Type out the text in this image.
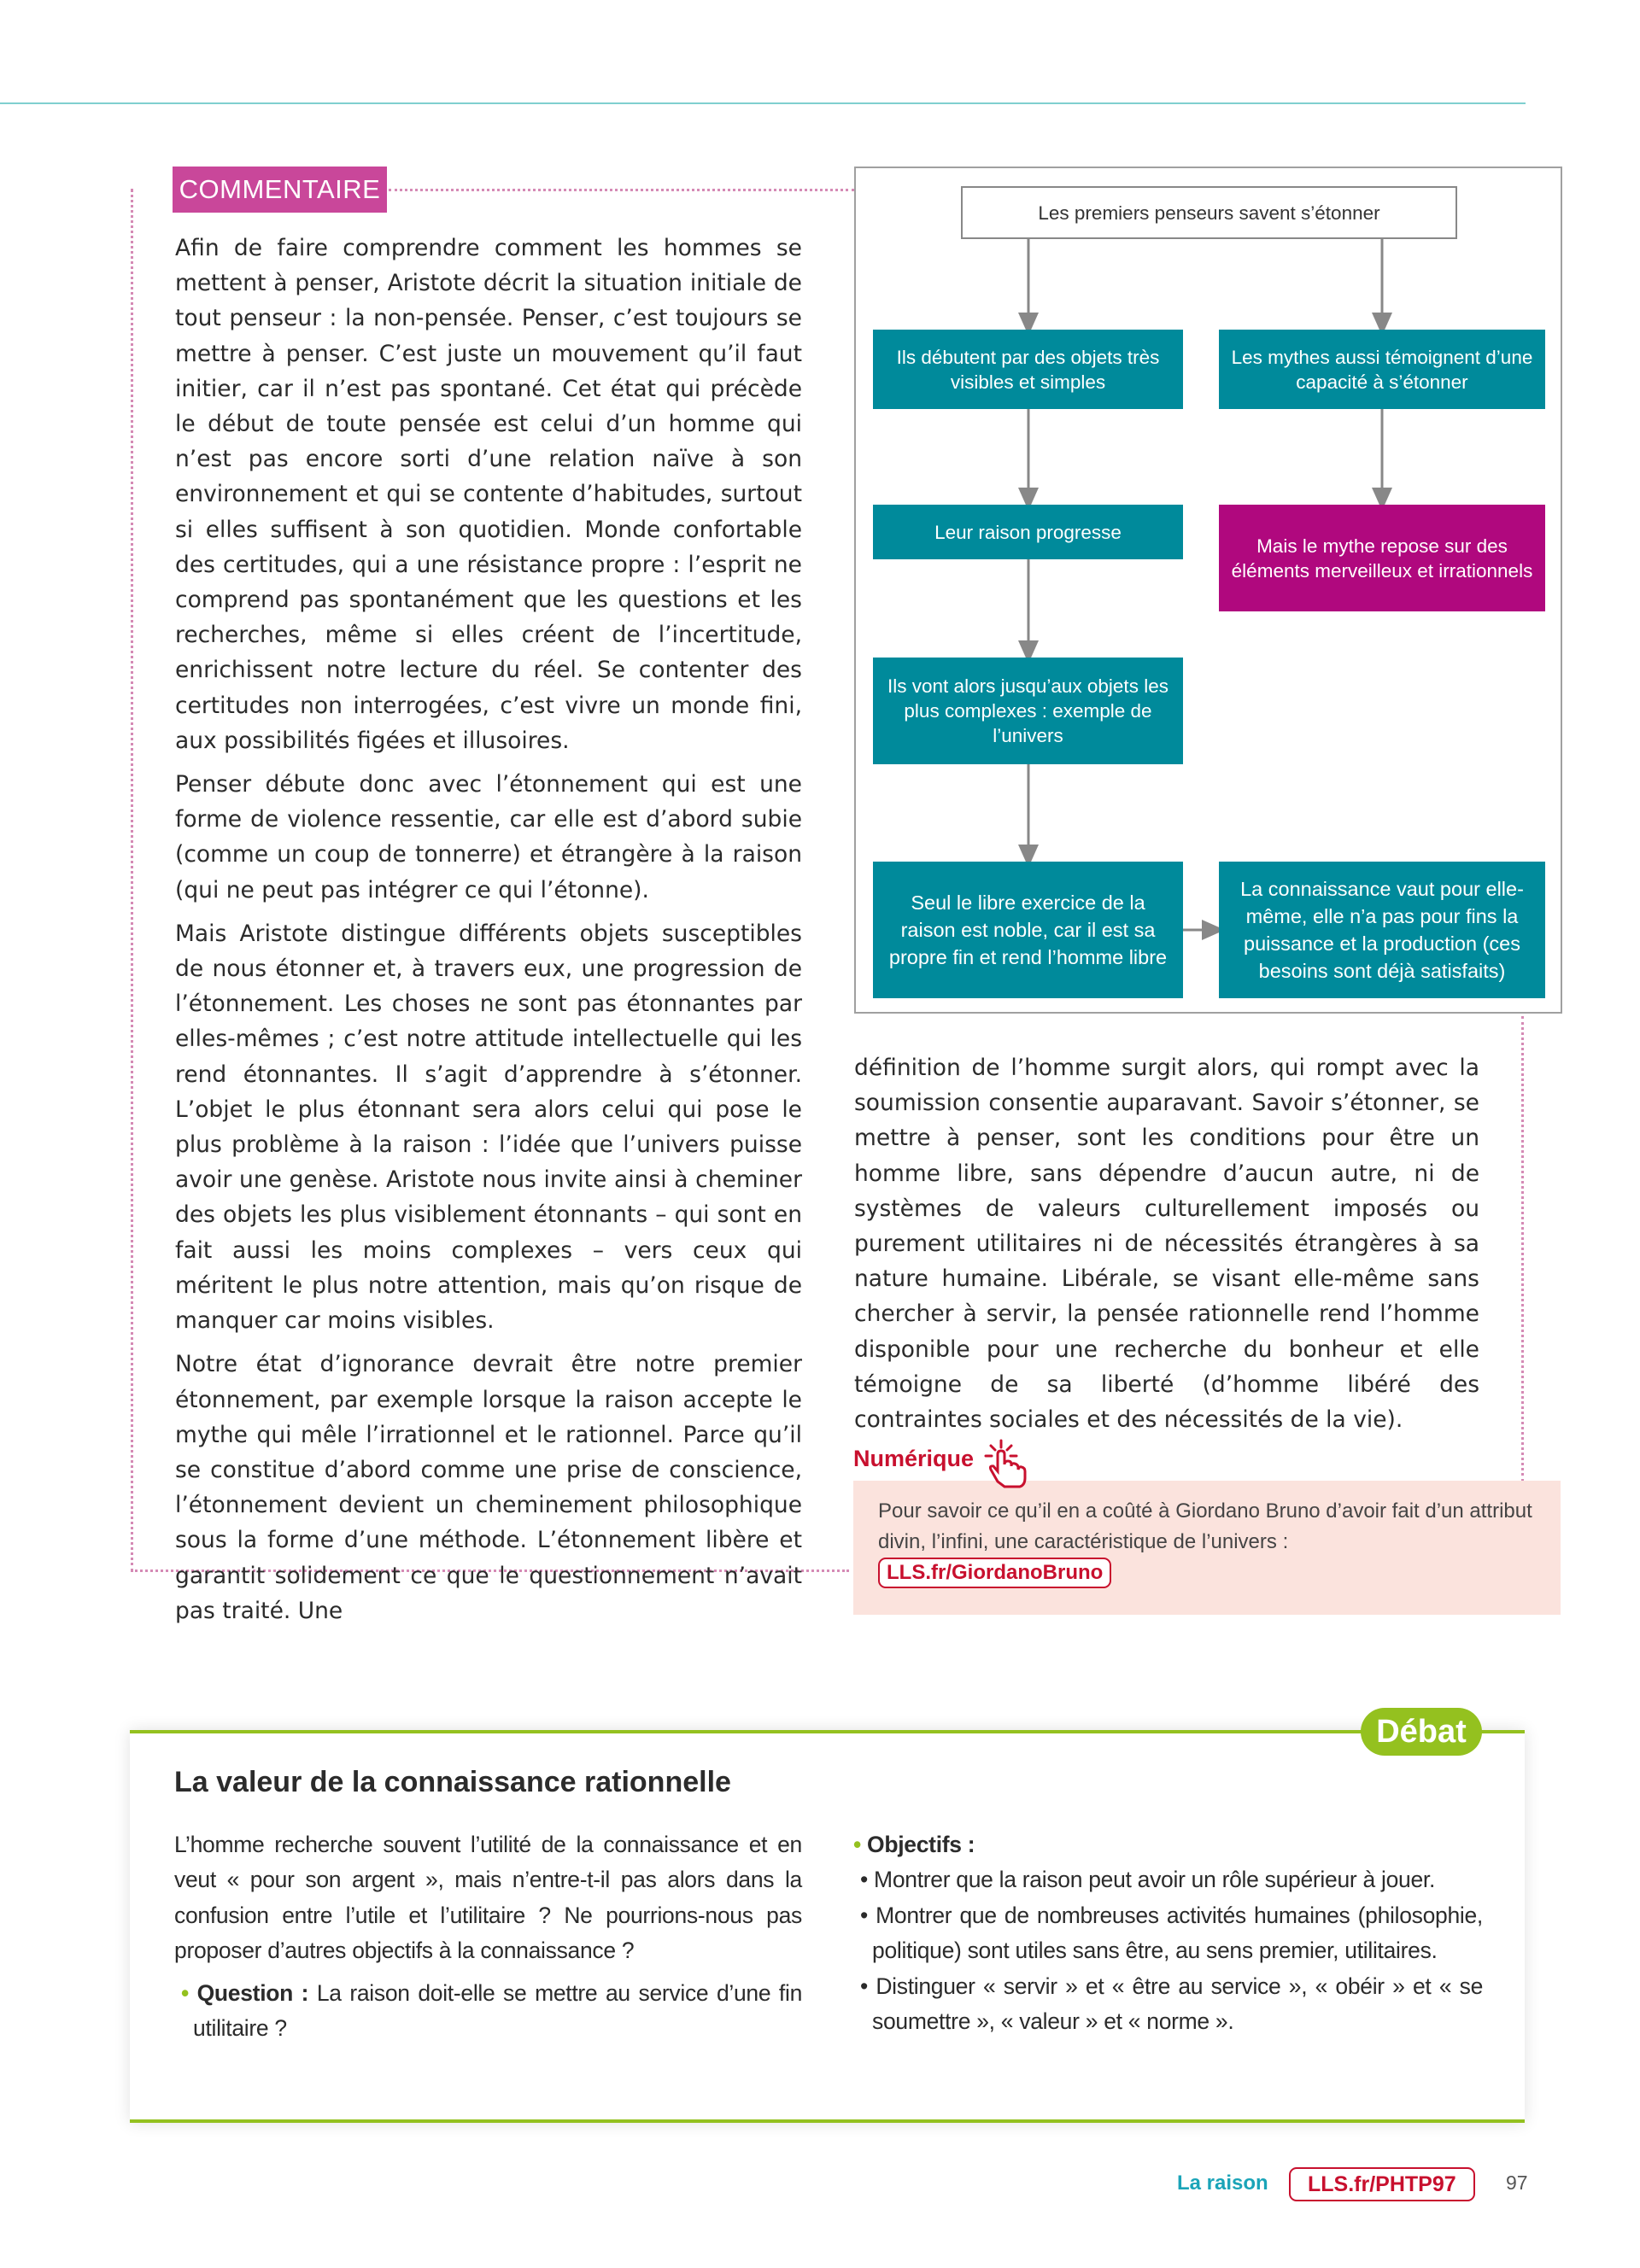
COMMENTAIRE

Afin de faire comprendre comment les hommes se mettent à penser, Aristote décrit la situation initiale de tout penseur : la non-pensée. Penser, c’est toujours se mettre à penser. C’est juste un mouvement qu’il faut initier, car il n’est pas spontané. Cet état qui précède le début de toute pensée est celui d’un homme qui n’est pas encore sorti d’une relation naïve à son environnement et qui se contente d’habitudes, surtout si elles suffisent à son quotidien. Monde confortable des certitudes, qui a une résistance propre : l’esprit ne comprend pas spontanément que les questions et les recherches, même si elles créent de l’incertitude, enrichissent notre lecture du réel. Se contenter des certitudes non interrogées, c’est vivre un monde fini, aux possibilités figées et illusoires.

Penser débute donc avec l’étonnement qui est une forme de violence ressentie, car elle est d’abord subie (comme un coup de tonnerre) et étrangère à la raison (qui ne peut pas intégrer ce qui l’étonne).

Mais Aristote distingue différents objets susceptibles de nous étonner et, à travers eux, une progression de l’étonnement. Les choses ne sont pas étonnantes par elles-mêmes ; c’est notre attitude intellectuelle qui les rend étonnantes. Il s’agit d’apprendre à s’étonner. L’objet le plus étonnant sera alors celui qui pose le plus problème à la raison : l’idée que l’univers puisse avoir une genèse. Aristote nous invite ainsi à cheminer des objets les plus visiblement étonnants – qui sont en fait aussi les moins complexes – vers ceux qui méritent le plus notre attention, mais qu’on risque de manquer car moins visibles.

Notre état d’ignorance devrait être notre premier étonnement, par exemple lorsque la raison accepte le mythe qui mêle l’irrationnel et le rationnel. Parce qu’il se constitue d’abord comme une prise de conscience, l’étonnement devient un cheminement philosophique sous la forme d’une méthode. L’étonnement libère et garantit solidement ce que le questionnement n’avait pas traité. Une

Les premiers penseurs savent s’étonner
Ils débutent par des objets très visibles et simples
Leur raison progresse
Ils vont alors jusqu’aux objets les plus complexes : exemple de l’univers
Seul le libre exercice de la raison est noble, car il est sa propre fin et rend l’homme libre
Les mythes aussi témoignent d’une capacité à s’étonner
Mais le mythe repose sur des éléments merveilleux et irrationnels
La connaissance vaut pour elle-même, elle n’a pas pour fins la puissance et la production (ces besoins sont déjà satisfaits)

définition de l’homme surgit alors, qui rompt avec la soumission consentie auparavant. Savoir s’étonner, se mettre à penser, sont les conditions pour être un homme libre, sans dépendre d’aucun autre, ni de systèmes de valeurs culturellement imposés ou purement utilitaires ni de nécessités étrangères à sa nature humaine. Libérale, se visant elle-même sans chercher à servir, la pensée rationnelle rend l’homme disponible pour une recherche du bonheur et elle témoigne de sa liberté (d’homme libéré des contraintes sociales et des nécessités de la vie).

Numérique
Pour savoir ce qu’il en a coûté à Giordano Bruno d’avoir fait d’un attribut divin, l’infini, une caractéristique de l’univers :
LLS.fr/GiordanoBruno
Débat
La valeur de la connaissance rationnelle

L’homme recherche souvent l’utilité de la connaissance et en veut « pour son argent », mais n’entre-t-il pas alors dans la confusion entre l’utile et l’utilitaire ? Ne pourrions-nous pas proposer d’autres objectifs à la connaissance ?

• Question : La raison doit-elle se mettre au service d’une fin utilitaire ?

• Objectifs :

• Montrer que la raison peut avoir un rôle supérieur à jouer.

• Montrer que de nombreuses activités humaines (philosophie, politique) sont utiles sans être, au sens premier, utilitaires.

• Distinguer « servir » et « être au service », « obéir » et « se soumettre », « valeur » et « norme ».

La raison	LLS.fr/PHTP97	97
